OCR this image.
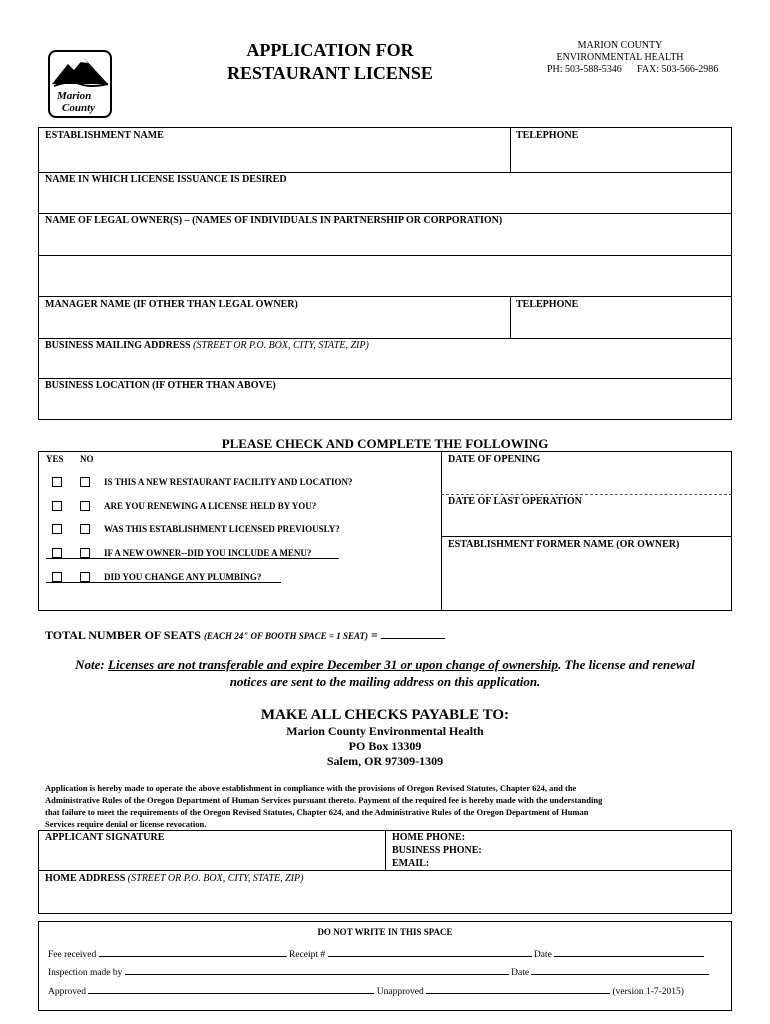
Marion
County
APPLICATION FOR
RESTAURANT LICENSE
MARION COUNTY
ENVIRONMENTAL HEALTH
PH: 503-588-5346 FAX: 503-566-2986
ESTABLISHMENT NAME	TELEPHONE
NAME IN WHICH LICENSE ISSUANCE IS DESIRED
NAME OF LEGAL OWNER(S) – (NAMES OF INDIVIDUALS IN PARTNERSHIP OR CORPORATION)
MANAGER NAME (IF OTHER THAN LEGAL OWNER)	TELEPHONE
BUSINESS MAILING ADDRESS (STREET OR P.O. BOX, CITY, STATE, ZIP)
BUSINESS LOCATION (IF OTHER THAN ABOVE)
PLEASE CHECK AND COMPLETE THE FOLLOWING
YES NO
IS THIS A NEW RESTAURANT FACILITY AND LOCATION?
ARE YOU RENEWING A LICENSE HELD BY YOU?
WAS THIS ESTABLISHMENT LICENSED PREVIOUSLY?
IF A NEW OWNER--DID YOU INCLUDE A MENU?
DID YOU CHANGE ANY PLUMBING?
DATE OF OPENING
DATE OF LAST OPERATION
ESTABLISHMENT FORMER NAME (OR OWNER)
TOTAL NUMBER OF SEATS (EACH 24" OF BOOTH SPACE = 1 SEAT) =
Note: Licenses are not transferable and expire December 31 or upon change of ownership. The license and renewal
notices are sent to the mailing address on this application.
MAKE ALL CHECKS PAYABLE TO:
Marion County Environmental Health
PO Box 13309
Salem, OR 97309-1309
Application is hereby made to operate the above establishment in compliance with the provisions of Oregon Revised Statutes, Chapter 624, and the
Administrative Rules of the Oregon Department of Human Services pursuant thereto. Payment of the required fee is hereby made with the understanding
that failure to meet the requirements of the Oregon Revised Statutes, Chapter 624, and the Administrative Rules of the Oregon Department of Human
Services require denial or license revocation.
APPLICANT SIGNATURE	HOME PHONE:
BUSINESS PHONE:
EMAIL:
HOME ADDRESS (STREET OR P.O. BOX, CITY, STATE, ZIP)
DO NOT WRITE IN THIS SPACE
Fee received	Receipt #	Date
Inspection made by	Date
Approved	Unapproved	(version 1-7-2015)
